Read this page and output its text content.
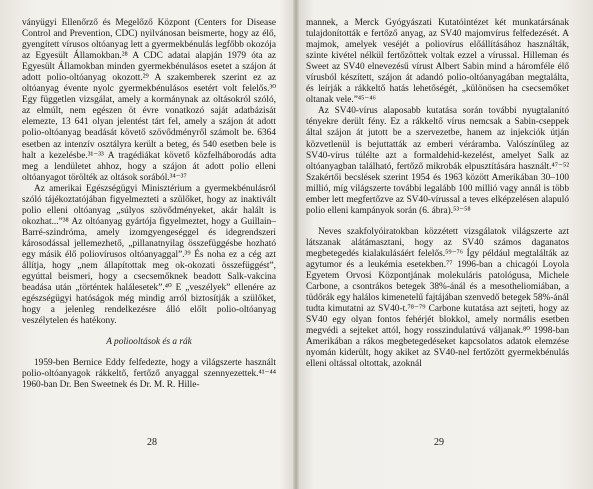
ványügyi Ellenőrző és Megelőző Központ (Centers for Disease Control and Prevention, CDC) nyilvánosan beismerte, hogy az élő, gyengített vírusos oltóanyag lett a gyermekbénulás legfőbb okozója az Egyesült Államokban.²⁸ A CDC adatai alapján 1979 óta az Egyesült Államokban minden gyermekbénulásos esetet a szájon át adott polio-oltóanyag okozott.²⁹ A szakemberek szerint ez az oltóanyag évente nyolc gyermekbénulásos esetért volt felelős.³⁰ Egy független vizsgálat, amely a kormánynak az oltásokról szóló, az elmúlt, nem egészen öt évre vonatkozó saját adatbázisát elemezte, 13 641 olyan jelentést tárt fel, amely a szájon át adott polio-oltóanyag beadását követő szövődményről számolt be. 6364 esetben az intenzív osztályra került a beteg, és 540 esetben bele is halt a kezelésbe.³¹⁻³³ A tragédiákat követő közfelháborodás adta meg a lendületet ahhoz, hogy a szájon át adott polio elleni oltóanyagot törölték az oltások sorából.³⁴⁻³⁷

Az amerikai Egészségügyi Minisztérium a gyermekbénulásról szóló tájékoztatójában figyelmezteti a szülőket, hogy az inaktivált polio elleni oltóanyag „súlyos szövődményeket, akár halált is okozhat...”³⁸ Az oltóanyag gyártója figyelmeztet, hogy a Guillain–Barré-szindróma, amely izomgyengeséggel és idegrendszeri károsodással jellemezhető, „pillanatnyilag összefüggésbe hozható egy másik élő poliovírusos oltóanyaggal”.³⁹ És noha ez a cég azt állítja, hogy „nem állapítottak meg ok-okozati összefüggést”, egyúttal beismeri, hogy a csecsemőknek beadott Salk-vakcina beadása után „történtek halálesetek”.⁴⁰ E „veszélyek” ellenére az egészségügyi hatóságok még mindig arról biztosítják a szülőket, hogy a jelenleg rendelkezésre álló előlt polio-oltóanyag veszélytelen és hatékony.

A poliooltások és a rák

1959-ben Bernice Eddy felfedezte, hogy a világszerte használt polio-oltóanyagok rákkeltő, fertőző anyaggal szennyezettek.⁴¹⁻⁴⁴ 1960-ban Dr. Ben Sweetnek és Dr. M. R. Hille-

28

mannek, a Merck Gyógyászati Kutatóintézet két munkatársának tulajdonították e fertőző anyag, az SV40 majomvírus felfedezését. A majmok, amelyek veséjét a poliovírus előállításához használták, szinte kivétel nélkül fertőzöttek voltak ezzel a vírussal. Hilleman és Sweet az SV40 elnevezésű vírust Albert Sabin mind a háromféle élő vírusból készített, szájon át adandó polio-oltóanyagában megtalálta, és leírják a rákkeltő hatás lehetőségét, „különösen ha csecsemőket oltanak vele.”⁴⁵⁻⁴⁶

Az SV40-vírus alaposabb kutatása során további nyugtalanító tényekre derült fény. Ez a rákkeltő vírus nemcsak a Sabin-cseppek által szájon át jutott be a szervezetbe, hanem az injekciók útján közvetlenül is bejuttatták az emberi véráramba. Valószínűleg az SV40-vírus túlélte azt a formaldehid-kezelést, amelyet Salk az oltóanyagban található, fertőző mikrobák elpusztítására használt.⁴⁷⁻⁵² Szakértői becslések szerint 1954 és 1963 között Amerikában 30–100 millió, míg világszerte további legalább 100 millió vagy annál is több ember lett megfertőzve az SV40-vírussal a teves elképzelésen alapuló polio elleni kampányok során (6. ábra).⁵³⁻⁵⁸

Neves szakfolyóiratokban közzétett vizsgálatok világszerte azt látszanak alátámasztani, hogy az SV40 számos daganatos megbetegedés kialakulásáért felelős.⁵⁹⁻⁷⁶ Így például megtalálták az agytumor és a leukémia esetekben.⁷⁷ 1996-ban a chicagói Loyola Egyetem Orvosi Központjának molekuláris patológusa, Michele Carbone, a csontrákos betegek 38%-ánál és a mesotheliomiában, a tüdőrák egy halálos kimenetelű fajtájában szenvedő betegek 58%-ánál tudta kimutatni az SV40-t.⁷⁸⁻⁷⁹ Carbone kutatása azt sejteti, hogy az SV40 egy olyan fontos fehérjét blokkol, amely normális esetben megvédi a sejteket attól, hogy rosszindulatúvá váljanak.⁸⁰ 1998-ban Amerikában a rákos megbetegedéseket kapcsolatos adatok elemzése nyomán kiderült, hogy akiket az SV40-nel fertőzött gyermekbénulás elleni oltással oltottak, azoknál

29
